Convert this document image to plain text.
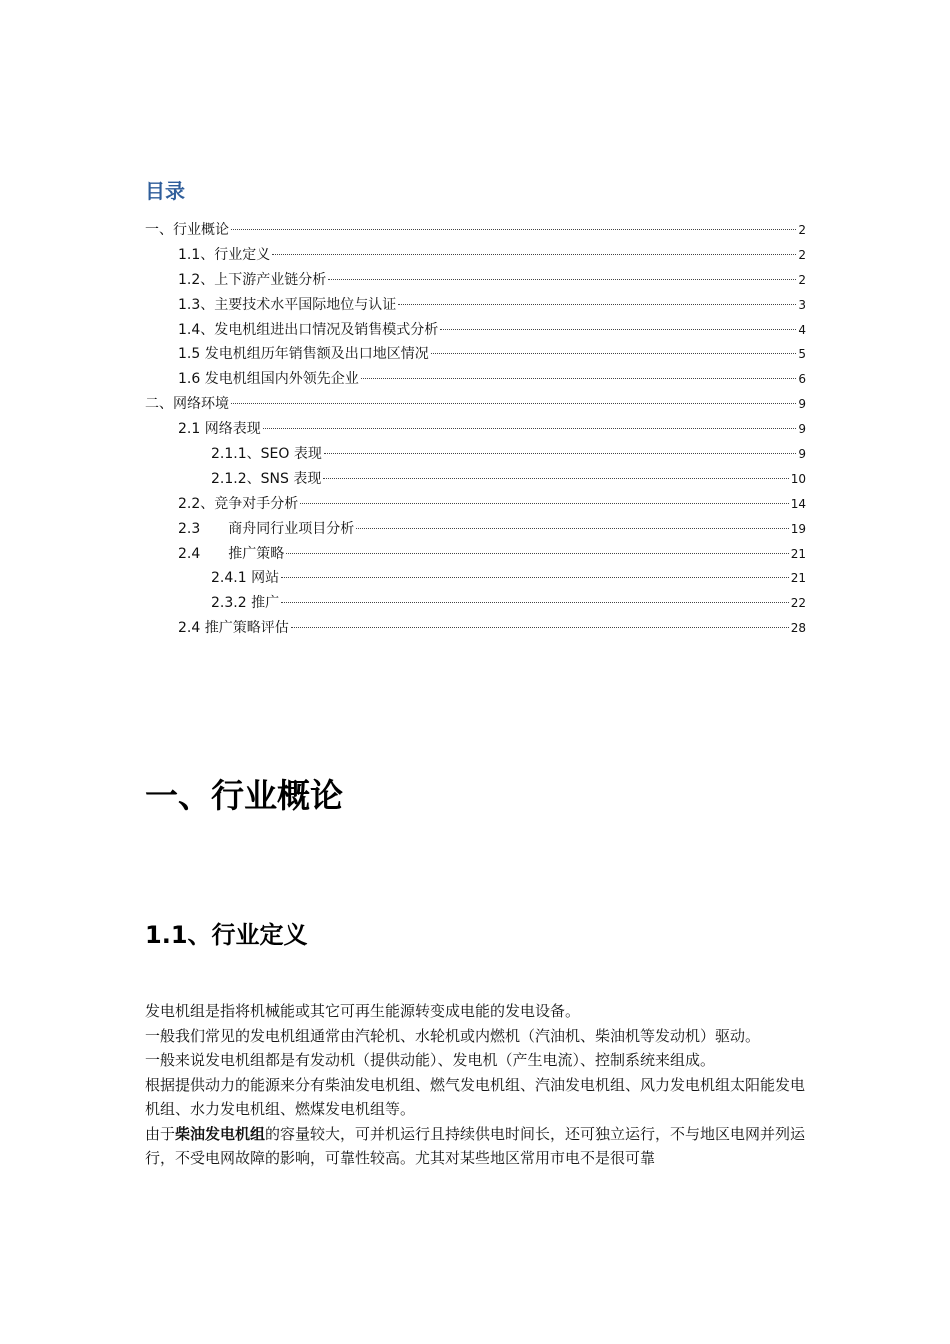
目录
一、行业概论	2
1.1、行业定义	2
1.2、上下游产业链分析	2
1.3、主要技术水平国际地位与认证	3
1.4、发电机组进出口情况及销售模式分析	4
1.5 发电机组历年销售额及出口地区情况	5
1.6 发电机组国内外领先企业	6
二、网络环境	9
2.1 网络表现	9
2.1.1、SEO 表现	9
2.1.2、SNS 表现	10
2.2、竞争对手分析	14
2.3　　商舟同行业项目分析	19
2.4　　推广策略	21
2.4.1 网站	21
2.3.2 推广	22
2.4 推广策略评估	28
一、行业概论
1.1、行业定义

发电机组是指将机械能或其它可再生能源转变成电能的发电设备。

一般我们常见的发电机组通常由汽轮机、水轮机或内燃机（汽油机、柴油机等发动机）驱动。

一般来说发电机组都是有发动机（提供动能）、发电机（产生电流）、控制系统来组成。

根据提供动力的能源来分有柴油发电机组、燃气发电机组、汽油发电机组、风力发电机组太阳能发电机组、水力发电机组、燃煤发电机组等。

由于柴油发电机组的容量较大，可并机运行且持续供电时间长，还可独立运行，不与地区电网并列运行，不受电网故障的影响，可靠性较高。尤其对某些地区常用市电不是很可靠
